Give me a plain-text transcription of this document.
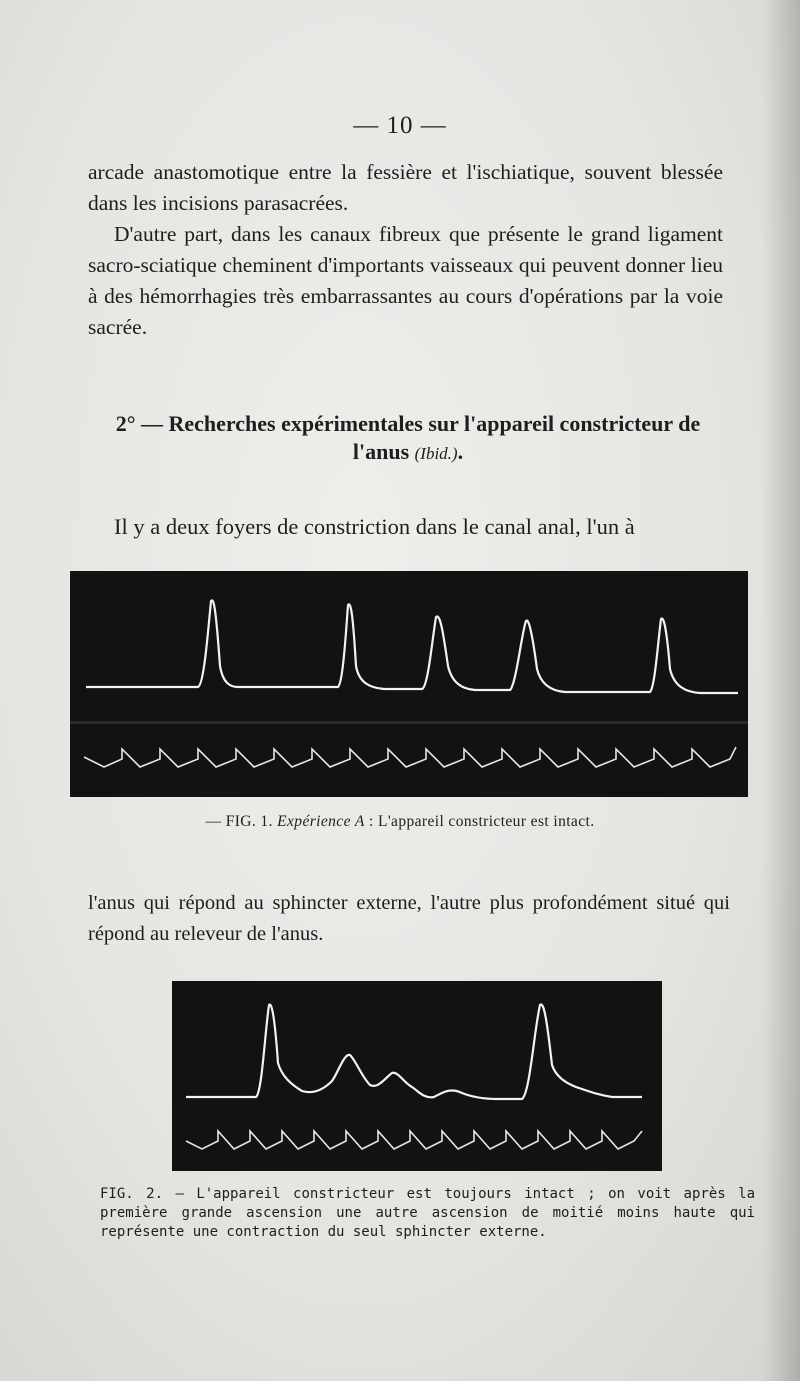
— 10 —

arcade anastomotique entre la fessière et l'ischiatique, souvent blessée dans les incisions parasacrées.

D'autre part, dans les canaux fibreux que présente le grand ligament sacro-sciatique cheminent d'importants vaisseaux qui peuvent donner lieu à des hémorrhagies très embarrassantes au cours d'opérations par la voie sacrée.

2° — Recherches expérimentales sur l'appareil constricteur de l'anus (Ibid.).

Il y a deux foyers de constriction dans le canal anal, l'un à

— FIG. 1. Expérience A : L'appareil constricteur est intact.

l'anus qui répond au sphincter externe, l'autre plus profondément situé qui répond au releveur de l'anus.

FIG. 2. — L'appareil constricteur est toujours intact ; on voit après la première grande ascension une autre ascension de moitié moins haute qui représente une contraction du seul sphincter externe.
